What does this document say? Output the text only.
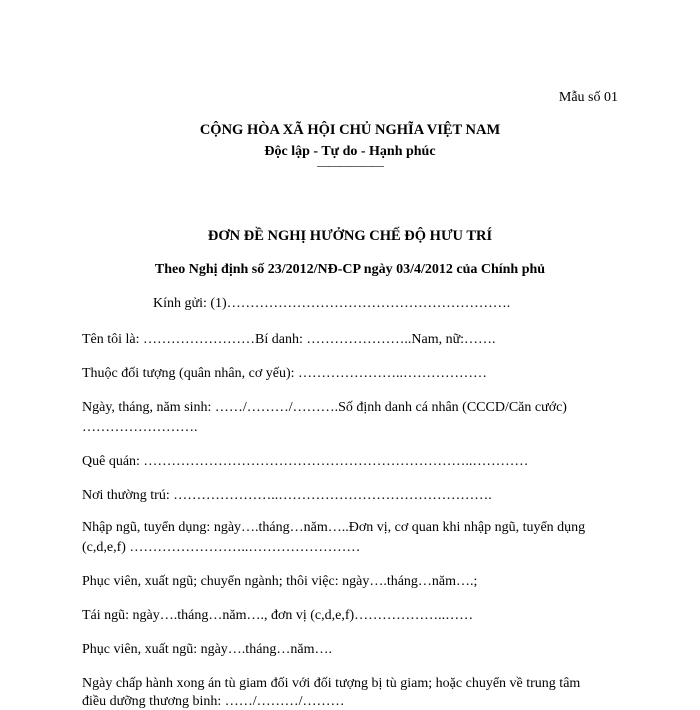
Mẫu số 01
CỘNG HÒA XÃ HỘI CHỦ NGHĨA VIỆT NAM
Độc lập - Tự do - Hạnh phúc
——————
ĐƠN ĐỀ NGHỊ HƯỞNG CHẾ ĐỘ HƯU TRÍ
Theo Nghị định số 23/2012/NĐ-CP ngày 03/4/2012 của Chính phủ
Kính gửi: (1)…………………………………………………….
Tên tôi là: ……………………Bí danh: …………………..Nam, nữ:…….
Thuộc đối tượng (quân nhân, cơ yếu): …………………..………………
Ngày, tháng, năm sinh: ……/………/……….Số định danh cá nhân (CCCD/Căn cước)
…………………….
Quê quán: ……………………………………………………………..…………
Nơi thường trú: …………………..……………………………………….
Nhập ngũ, tuyển dụng: ngày….tháng…năm…..Đơn vị, cơ quan khi nhập ngũ, tuyển dụng
(c,d,e,f) ……………………..……………………
Phục viên, xuất ngũ; chuyển ngành; thôi việc: ngày….tháng…năm….;
Tái ngũ: ngày….tháng…năm…., đơn vị (c,d,e,f)………………..……
Phục viên, xuất ngũ: ngày….tháng…năm….
Ngày chấp hành xong án tù giam đối với đối tượng bị tù giam; hoặc chuyển về trung tâm
điều dưỡng thương binh: ……/………/………
